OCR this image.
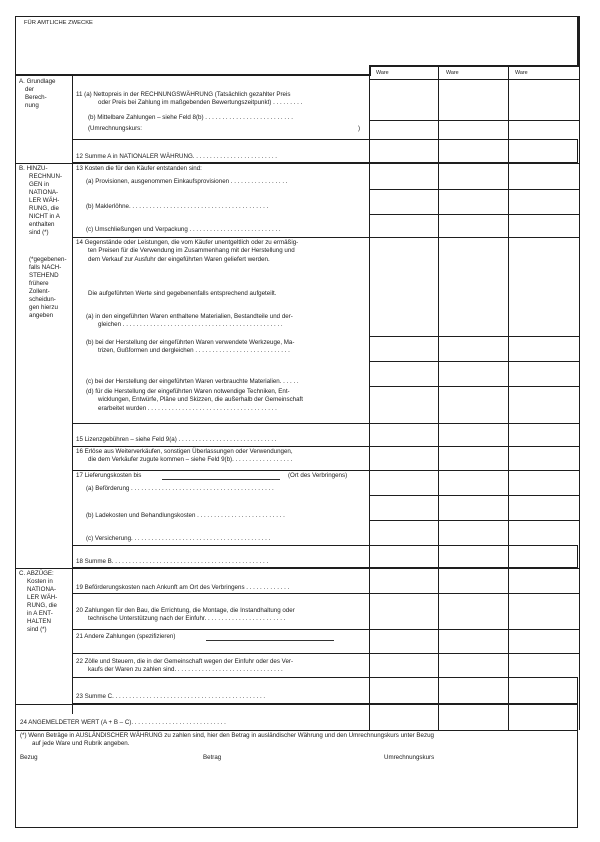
FÜR AMTLICHE ZWECKE
Ware	Ware	Ware
A. Grundlage
der
Berech-
nung
11 (a) Nettopreis in der RECHNUNGSWÄHRUNG (Tatsächlich gezahlter Preis
oder Preis bei Zahlung im maßgebenden Bewertungszeitpunkt) . . . . . . . . .
(b) Mittelbare Zahlungen – siehe Feld 8(b) . . . . . . . . . . . . . . . . . . . . . . . . . .
(Umrechnungskurs:	)
12 Summe A in NATIONALER WÄHRUNG. . . . . . . . . . . . . . . . . . . . . . . . .
B. HINZU-
RECHNUN-
GEN in
NATIONA-
LER WÄH-
RUNG, die
NICHT in A
enthalten
sind (*)
(*gegebenen-
falls NACH-
STEHEND
frühere
Zollent-
scheidun-
gen hierzu
angeben
13 Kosten die für den Käufer entstanden sind:
(a) Provisionen, ausgenommen Einkaufsprovisionen . . . . . . . . . . . . . . . . .
(b) Maklerlöhne. . . . . . . . . . . . . . . . . . . . . . . . . . . . . . . . . . . . . . . . .
(c) Umschließungen und Verpackung . . . . . . . . . . . . . . . . . . . . . . . . . . .
14 Gegenstände oder Leistungen, die vom Käufer unentgeltlich oder zu ermäßig-
ten Preisen für die Verwendung im Zusammenhang mit der Herstellung und
dem Verkauf zur Ausfuhr der eingeführten Waren geliefert werden.
Die aufgeführten Werte sind gegebenenfalls entsprechend aufgeteilt.
(a) in den eingeführten Waren enthaltene Materialien, Bestandteile und der-
gleichen . . . . . . . . . . . . . . . . . . . . . . . . . . . . . . . . . . . . . . . . . . . . . . .
(b) bei der Herstellung der eingeführten Waren verwendete Werkzeuge, Ma-
trizen, Gußformen und dergleichen . . . . . . . . . . . . . . . . . . . . . . . . . . . .
(c) bei der Herstellung der eingeführten Waren verbrauchte Materialien. . . . . .
(d) für die Herstellung der eingeführten Waren notwendige Techniken, Ent-
wicklungen, Entwürfe, Pläne und Skizzen, die außerhalb der Gemeinschaft
erarbeitet wurden . . . . . . . . . . . . . . . . . . . . . . . . . . . . . . . . . . . . . .
15 Lizenzgebühren – siehe Feld 9(a) . . . . . . . . . . . . . . . . . . . . . . . . . . . . .
16 Erlöse aus Weiterverkäufen, sonstigen Überlassungen oder Verwendungen,
die dem Verkäufer zugute kommen – siehe Feld 9(b). . . . . . . . . . . . . . . . . .
17 Lieferungskosten bis	(Ort des Verbringens)
(a) Beförderung . . . . . . . . . . . . . . . . . . . . . . . . . . . . . . . . . . . . . . . . . .
(b) Ladekosten und Behandlungskosten . . . . . . . . . . . . . . . . . . . . . . . . . .
(c) Versicherung. . . . . . . . . . . . . . . . . . . . . . . . . . . . . . . . . . . . . . . . .
18 Summe B. . . . . . . . . . . . . . . . . . . . . . . . . . . . . . . . . . . . . . . . . . . . . .
C. ABZÜGE:
Kosten in
NATIONA-
LER WÄH-
RUNG, die
in A ENT-
HALTEN
sind (*)
19 Beförderungskosten nach Ankunft am Ort des Verbringens . . . . . . . . . . . . .
20 Zahlungen für den Bau, die Errichtung, die Montage, die Instandhaltung oder
technische Unterstützung nach der Einfuhr. . . . . . . . . . . . . . . . . . . . . . . .
21 Andere Zahlungen (spezifizieren)
22 Zölle und Steuern, die in der Gemeinschaft wegen der Einfuhr oder des Ver-
kaufs der Waren zu zahlen sind. . . . . . . . . . . . . . . . . . . . . . . . . . . . . . . .
23 Summe C. . . . . . . . . . . . . . . . . . . . . . . . . . . . . . . . . . . . . . . . . . . . .
24 ANGEMELDETER WERT (A + B – C). . . . . . . . . . . . . . . . . . . . . . . . . . . .
(*) Wenn Beträge in AUSLÄNDISCHER WÄHRUNG zu zahlen sind, hier den Betrag in ausländischer Währung und den Umrechnungskurs unter Bezug
auf jede Ware und Rubrik angeben.
Bezug	Betrag	Umrechnungskurs
